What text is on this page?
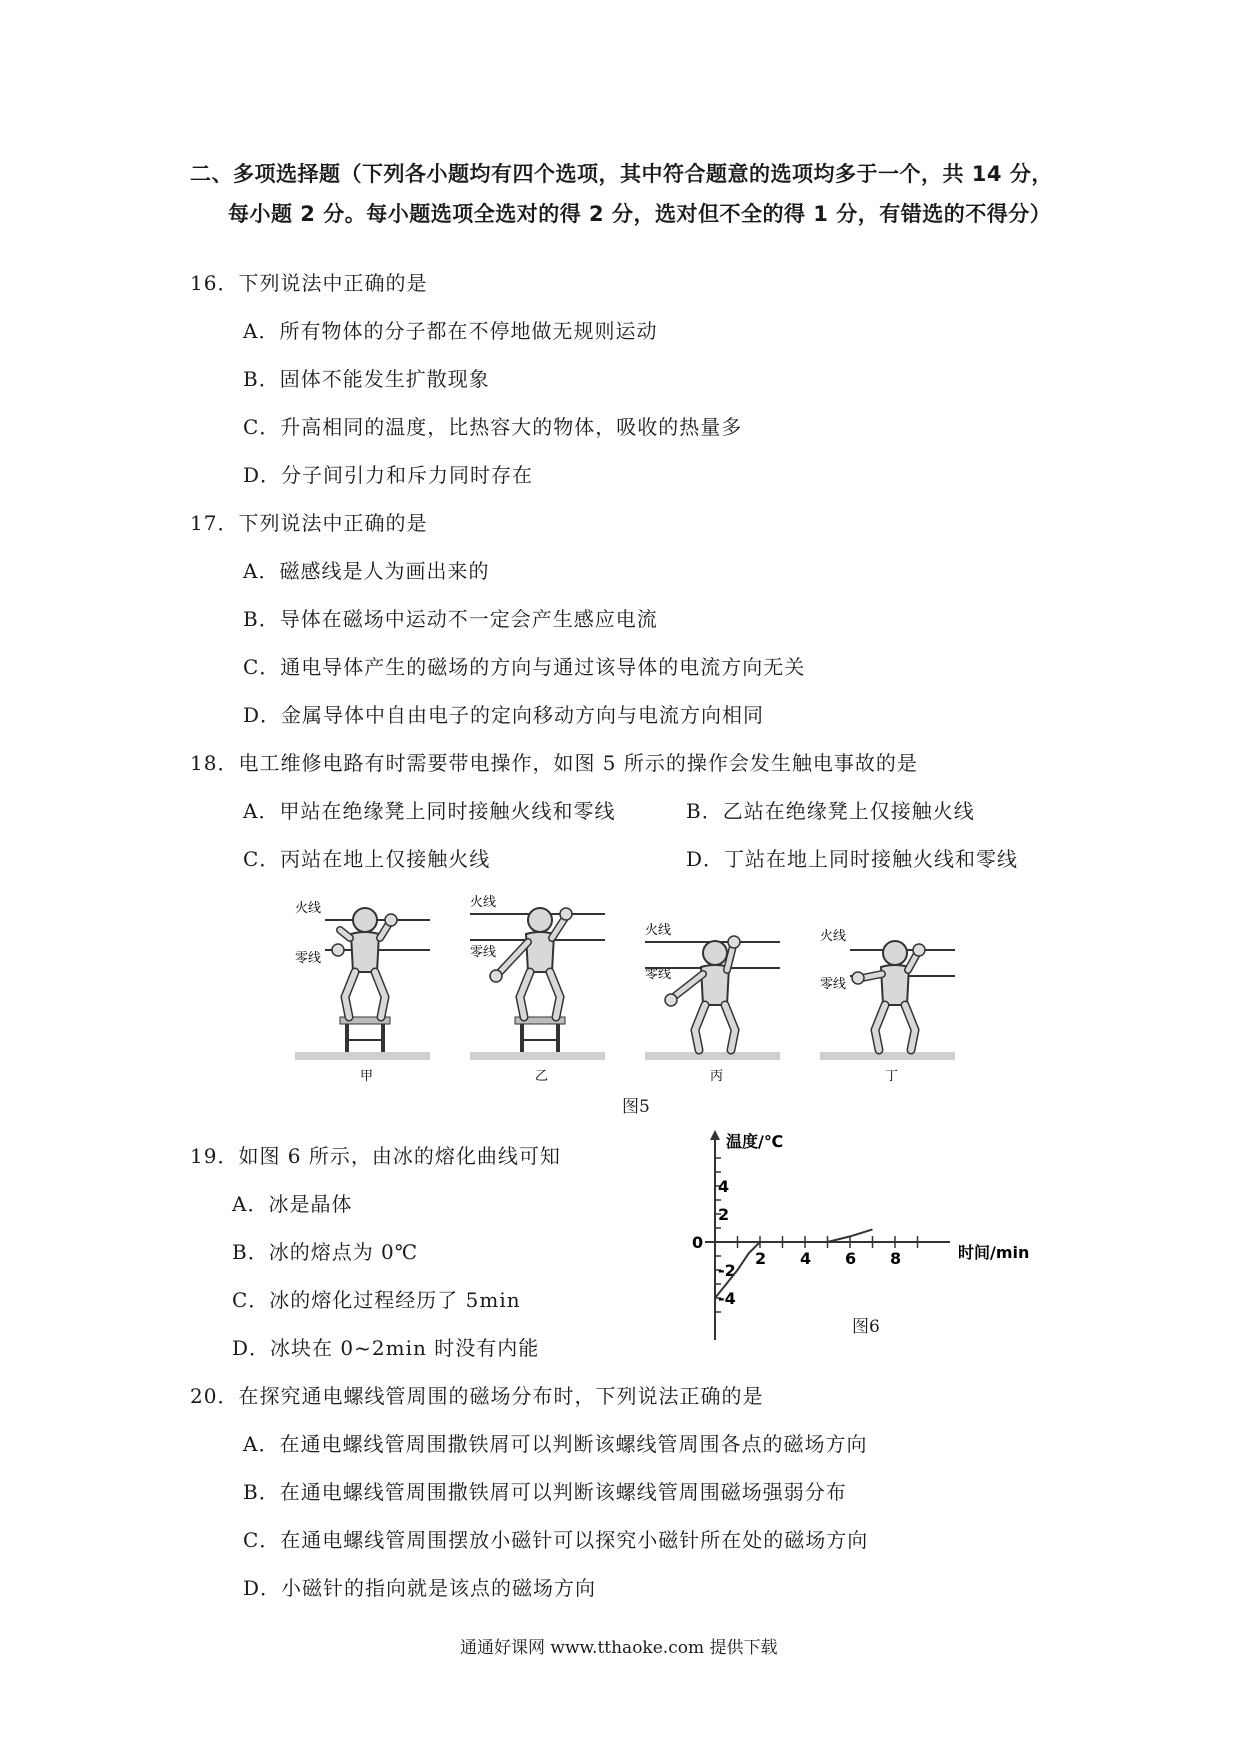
二、多项选择题（下列各小题均有四个选项，其中符合题意的选项均多于一个，共 14 分，
每小题 2 分。每小题选项全选对的得 2 分，选对但不全的得 1 分，有错选的不得分）
16．下列说法中正确的是
A．所有物体的分子都在不停地做无规则运动
B．固体不能发生扩散现象
C．升高相同的温度，比热容大的物体，吸收的热量多
D．分子间引力和斥力同时存在
17．下列说法中正确的是
A．磁感线是人为画出来的
B．导体在磁场中运动不一定会产生感应电流
C．通电导体产生的磁场的方向与通过该导体的电流方向无关
D．金属导体中自由电子的定向移动方向与电流方向相同
18．电工维修电路有时需要带电操作，如图 5 所示的操作会发生触电事故的是
A．甲站在绝缘凳上同时接触火线和零线	B．乙站在绝缘凳上仅接触火线
C．丙站在地上仅接触火线	D．丁站在地上同时接触火线和零线
火线
零线
甲
火线
零线
乙
火线
零线
丙
火线
零线
丁
图5
19．如图 6 所示，由冰的熔化曲线可知
A．冰是晶体
B．冰的熔点为 0℃
C．冰的熔化过程经历了 5min
D．冰块在 0~2min 时没有内能
2 4 6 8
-4
-2
0
2
4
温度/℃
时间/min
图6
20．在探究通电螺线管周围的磁场分布时，下列说法正确的是
A．在通电螺线管周围撒铁屑可以判断该螺线管周围各点的磁场方向
B．在通电螺线管周围撒铁屑可以判断该螺线管周围磁场强弱分布
C．在通电螺线管周围摆放小磁针可以探究小磁针所在处的磁场方向
D．小磁针的指向就是该点的磁场方向
通通好课网 www.tthaoke.com 提供下载
